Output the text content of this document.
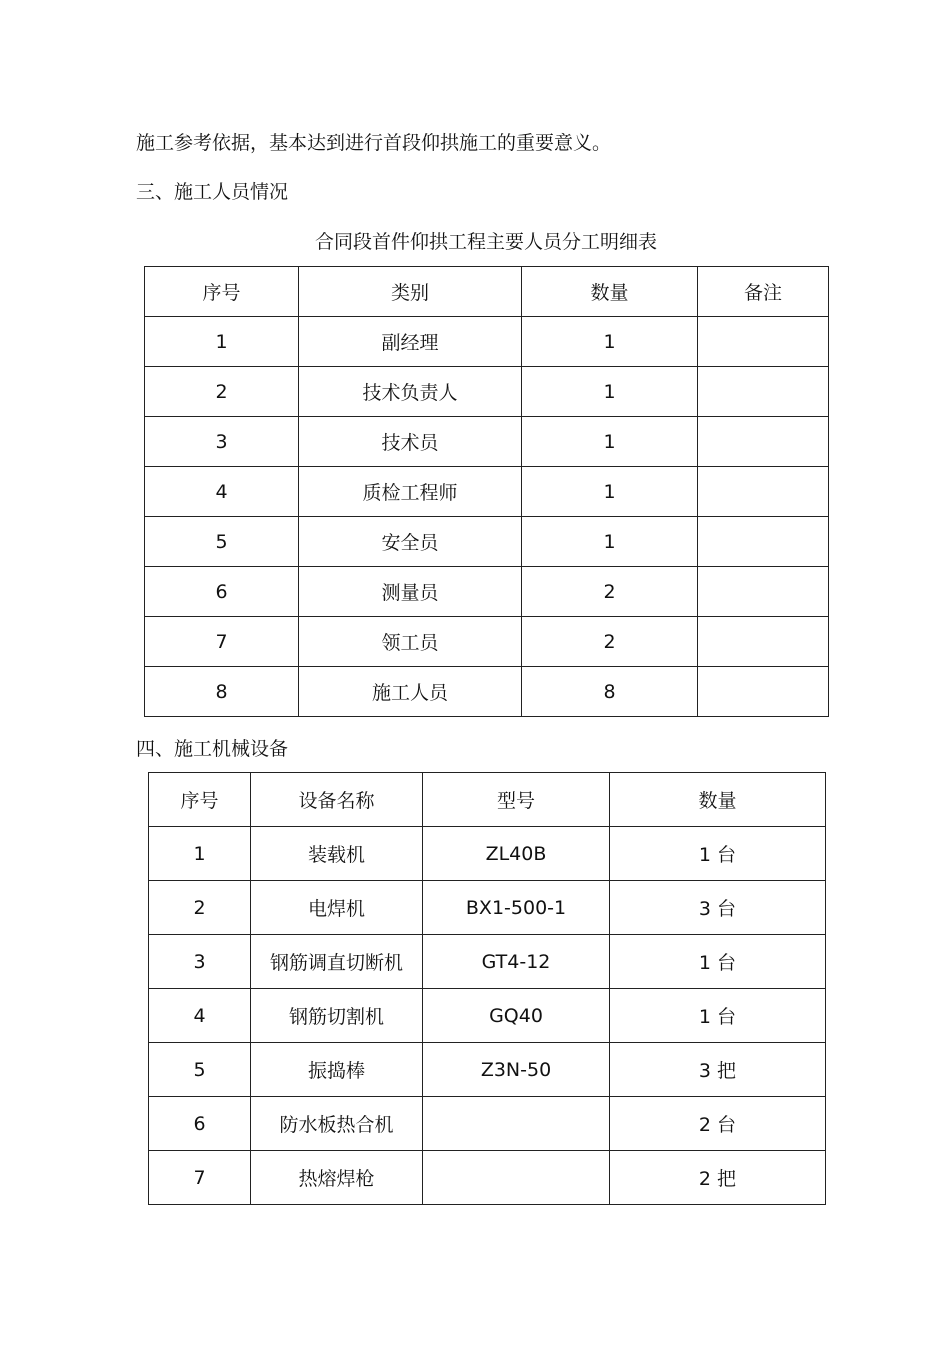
施工参考依据，基本达到进行首段仰拱施工的重要意义。
三、施工人员情况
合同段首件仰拱工程主要人员分工明细表
序号	类别	数量	备注
1	副经理	1	
2	技术负责人	1	
3	技术员	1	
4	质检工程师	1	
5	安全员	1	
6	测量员	2	
7	领工员	2	
8	施工人员	8	
四、施工机械设备
序号	设备名称	型号	数量
1	装载机	ZL40B	1 台
2	电焊机	BX1-500-1	3 台
3	钢筋调直切断机	GT4-12	1 台
4	钢筋切割机	GQ40	1 台
5	振捣棒	Z3N-50	3 把
6	防水板热合机		2 台
7	热熔焊枪		2 把
